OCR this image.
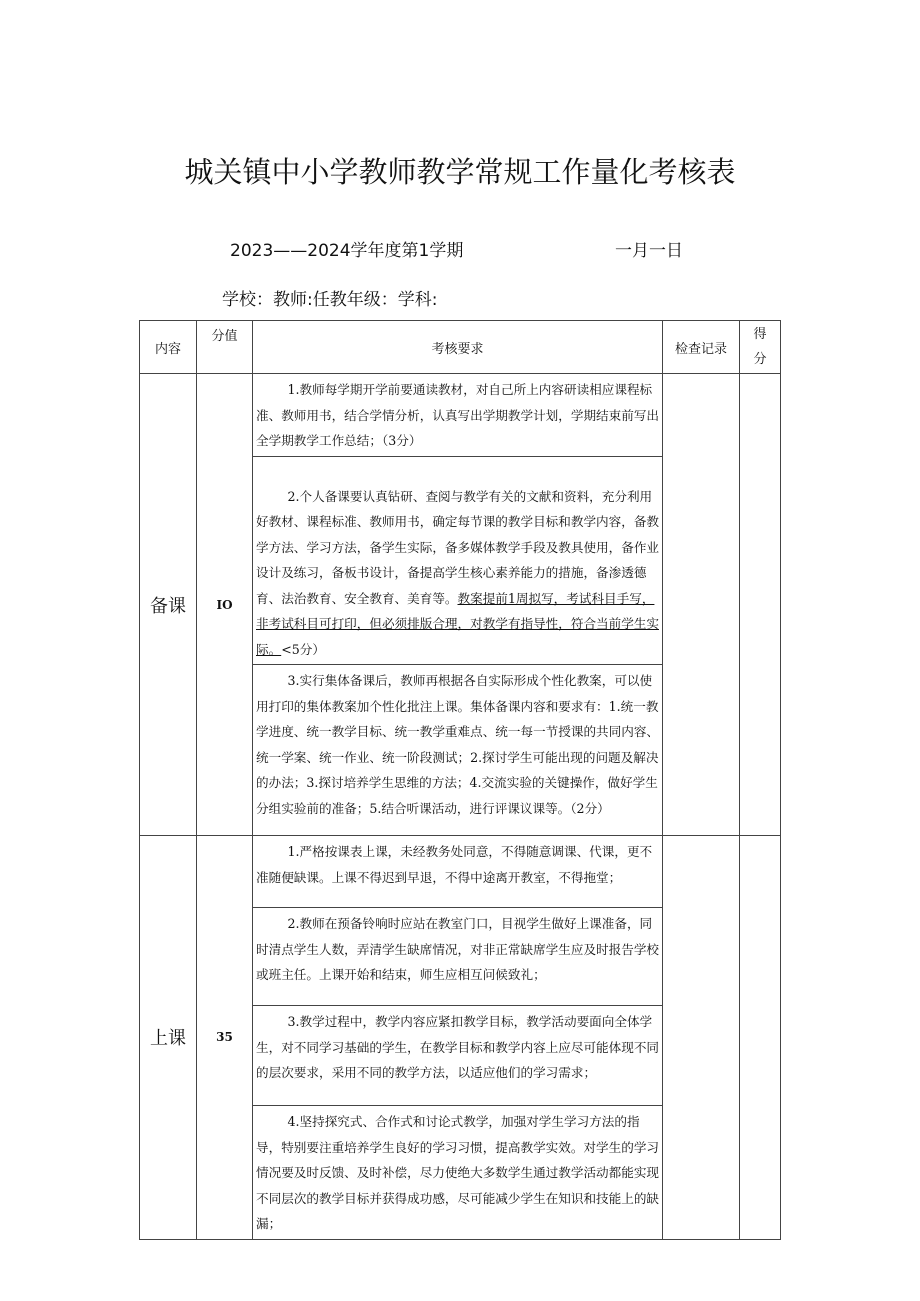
城关镇中小学教师教学常规工作量化考核表
2023——2024学年度第1学期	一月一日
学校：教师:任教年级：学科:
内容	分值	考核要求	检查记录	得
分
备课	IO	1.教师每学期开学前要通读教材，对自己所上内容研读相应课程标准、教师用书，结合学情分析，认真写出学期教学计划，学期结束前写出全学期教学工作总结；（3分）		

		2.个人备课要认真钻研、查阅与教学有关的文献和资料，充分利用好教材、课程标准、教师用书，确定每节课的教学目标和教学内容，备教学方法、学习方法，备学生实际，备多媒体教学手段及教具使用，备作业设计及练习，备板书设计，备提高学生核心素养能力的措施，备渗透德育、法治教育、安全教育、美育等。教案提前1周拟写，考试科目手写，非考试科目可打印，但必须排版合理，对教学有指导性，符合当前学生实际。<5分）		

		3.实行集体备课后，教师再根据各自实际形成个性化教案，可以使用打印的集体教案加个性化批注上课。集体备课内容和要求有：1.统一教学进度、统一教学目标、统一教学重难点、统一每一节授课的共同内容、统一学案、统一作业、统一阶段测试；2.探讨学生可能出现的问题及解决的办法；3.探讨培养学生思维的方法；4.交流实验的关键操作，做好学生分组实验前的准备；5.结合听课活动，进行评课议课等。（2分）		

上课	35	1.严格按课表上课，未经教务处同意，不得随意调课、代课，更不准随便缺课。上课不得迟到早退，不得中途离开教室，不得拖堂；		

		2.教师在预备铃响时应站在教室门口，目视学生做好上课准备，同时清点学生人数，弄清学生缺席情况，对非正常缺席学生应及时报告学校或班主任。上课开始和结束，师生应相互问候致礼；		

		3.教学过程中，教学内容应紧扣教学目标，教学活动要面向全体学生，对不同学习基础的学生，在教学目标和教学内容上应尽可能体现不同的层次要求，采用不同的教学方法，以适应他们的学习需求；		

		4.坚持探究式、合作式和讨论式教学，加强对学生学习方法的指导，特别要注重培养学生良好的学习习惯，提高教学实效。对学生的学习情况要及时反馈、及时补偿，尽力使绝大多数学生通过教学活动都能实现不同层次的教学目标并获得成功感，尽可能减少学生在知识和技能上的缺漏；		
